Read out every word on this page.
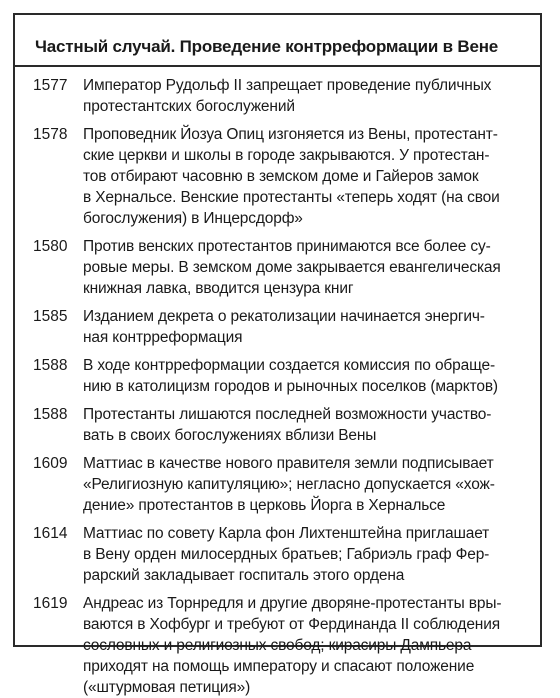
Частный случай. Проведение контрреформации в Вене
1577	Император Рудольф II запрещает проведение публичных
протестантских богослужений
1578	Проповедник Йозуа Опиц изгоняется из Вены, протестант-
ские церкви и школы в городе закрываются. У протестан-
тов отбирают часовню в земском доме и Гайеров замок
в Хернальсе. Венские протестанты «теперь ходят (на свои
богослужения) в Инцерсдорф»
1580	Против венских протестантов принимаются все более су-
ровые меры. В земском доме закрывается евангелическая
книжная лавка, вводится цензура книг
1585	Изданием декрета о рекатолизации начинается энергич-
ная контрреформация
1588	В ходе контрреформации создается комиссия по обраще-
нию в католицизм городов и рыночных поселков (марктов)
1588	Протестанты лишаются последней возможности участво-
вать в своих богослужениях вблизи Вены
1609	Маттиас в качестве нового правителя земли подписывает
«Религиозную капитуляцию»; негласно допускается «хож-
дение» протестантов в церковь Йорга в Хернальсе
1614	Маттиас по совету Карла фон Лихтенштейна приглашает
в Вену орден милосердных братьев; Габриэль граф Фер-
рарский закладывает госпиталь этого ордена
1619	Андреас из Торнредля и другие дворяне-протестанты вры-
ваются в Хофбург и требуют от Фердинанда II соблюдения
сословных и религиозных свобод; кирасиры Дампьера
приходят на помощь императору и спасают положение
(«штурмовая петиция»)
